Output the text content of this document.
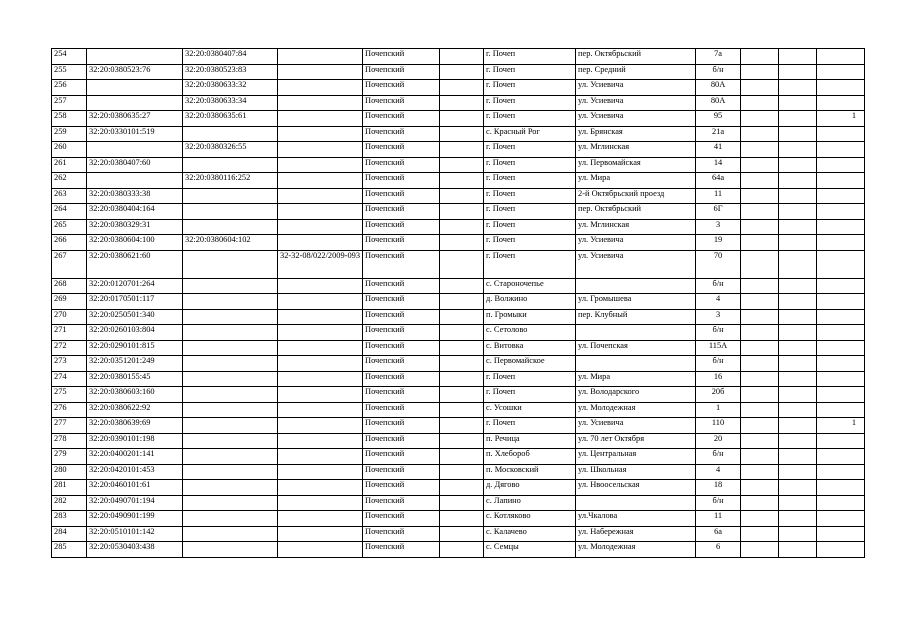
254		32:20:0380407:84		Почепский		г. Почеп	пер. Октябрьский	7а			
255	32:20:0380523:76	32:20:0380523:83		Почепский		г. Почеп	пер. Средний	б/н			
256		32:20:0380633:32		Почепский		г. Почеп	ул. Усиевича	80А			
257		32:20:0380633:34		Почепский		г. Почеп	ул. Усиевича	80А			
258	32:20:0380635:27	32:20:0380635:61		Почепский		г. Почеп	ул. Усиевича	95			1
259	32:20:0330101:519			Почепский		с. Красный Рог	ул. Брянская	21а			
260		32:20:0380326:55		Почепский		г. Почеп	ул. Мглинская	41			
261	32:20:0380407:60			Почепский		г. Почеп	ул. Первомайская	14			
262		32:20:0380116:252		Почепский		г. Почеп	ул. Мира	64а			
263	32:20:0380333:38			Почепский		г. Почеп	2-й Октябрьский проезд	11			
264	32:20:0380404:164			Почепский		г. Почеп	пер. Октябрьский	6Г			
265	32:20:0380329:31			Почепский		г. Почеп	ул. Мглинская	3			
266	32:20:0380604:100	32:20:0380604:102		Почепский		г. Почеп	ул. Усиевича	19			
267	32:20:0380621:60		32-32-08/022/2009-093	Почепский		г. Почеп	ул. Усиевича	70			
268	32:20:0120701:264			Почепский		с. Староночепье		б/н			
269	32:20:0170501:117			Почепский		д. Волжино	ул. Громышева	4			
270	32:20:0250501:340			Почепский		п. Громыки	пер. Клубный	3			
271	32:20:0260103:804			Почепский		с. Сетолово		б/н			
272	32:20:0290101:815			Почепский		с. Витовка	ул. Почепская	115А			
273	32:20:0351201:249			Почепский		с. Первомайское		б/н			
274	32:20:0380155:45			Почепский		г. Почеп	ул. Мира	16			
275	32:20:0380603:160			Почепский		г. Почеп	ул. Володарского	20б			
276	32:20:0380622:92			Почепский		с. Усошки	ул. Молодежная	1			
277	32:20:0380639:69			Почепский		г. Почеп	ул. Усиевича	110			1
278	32:20:0390101:198			Почепский		п. Речица	ул. 70 лет Октября	20			
279	32:20:0400201:141			Почепский		п. Хлебороб	ул. Центральная	б/н			
280	32:20:0420101:453			Почепский		п. Московский	ул. Школьная	4			
281	32:20:0460101:61			Почепский		д. Дягово	ул. Нвоосельская	18			
282	32:20:0490701:194			Почепский		с. Лапино		б/н			
283	32:20:0490901:199			Почепский		с. Котляково	ул.Чкалова	11			
284	32:20:0510101:142			Почепский		с. Калачево	ул. Набережная	6а			
285	32:20:0530403:438			Почепский		с. Семцы	ул. Молодежная	6			
